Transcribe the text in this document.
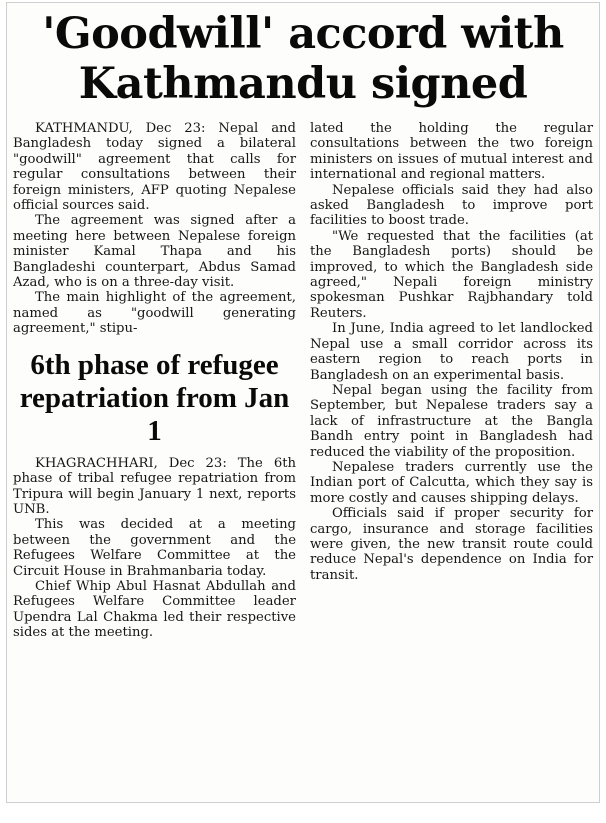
'Goodwill' accord with Kathmandu signed

KATHMANDU, Dec 23: Nepal and Bangladesh today signed a bilateral "goodwill" agreement that calls for regular consultations between their foreign ministers, AFP quoting Nepalese official sources said.

The agreement was signed after a meeting here between Nepalese foreign minister Kamal Thapa and his Bangladeshi counterpart, Abdus Samad Azad, who is on a three-day visit.

The main highlight of the agreement, named as "goodwill generating agreement," stipu-

6th phase of refugee repatriation from Jan 1

KHAGRACHHARI, Dec 23: The 6th phase of tribal refugee repatriation from Tripura will begin January 1 next, reports UNB.

This was decided at a meeting between the government and the Refugees Welfare Committee at the Circuit House in Brahmanbaria today.

Chief Whip Abul Hasnat Abdullah and Refugees Welfare Committee leader Upendra Lal Chakma led their respective sides at the meeting.

lated the holding the regular consultations between the two foreign ministers on issues of mutual interest and international and regional matters.

Nepalese officials said they had also asked Bangladesh to improve port facilities to boost trade.

"We requested that the facilities (at the Bangladesh ports) should be improved, to which the Bangladesh side agreed," Nepali foreign ministry spokesman Pushkar Rajbhandary told Reuters.

In June, India agreed to let landlocked Nepal use a small corridor across its eastern region to reach ports in Bangladesh on an experimental basis.

Nepal began using the facility from September, but Nepalese traders say a lack of infrastructure at the Bangla Bandh entry point in Bangladesh had reduced the viability of the proposition.

Nepalese traders currently use the Indian port of Calcutta, which they say is more costly and causes shipping delays.

Officials said if proper security for cargo, insurance and storage facilities were given, the new transit route could reduce Nepal's dependence on India for transit.
